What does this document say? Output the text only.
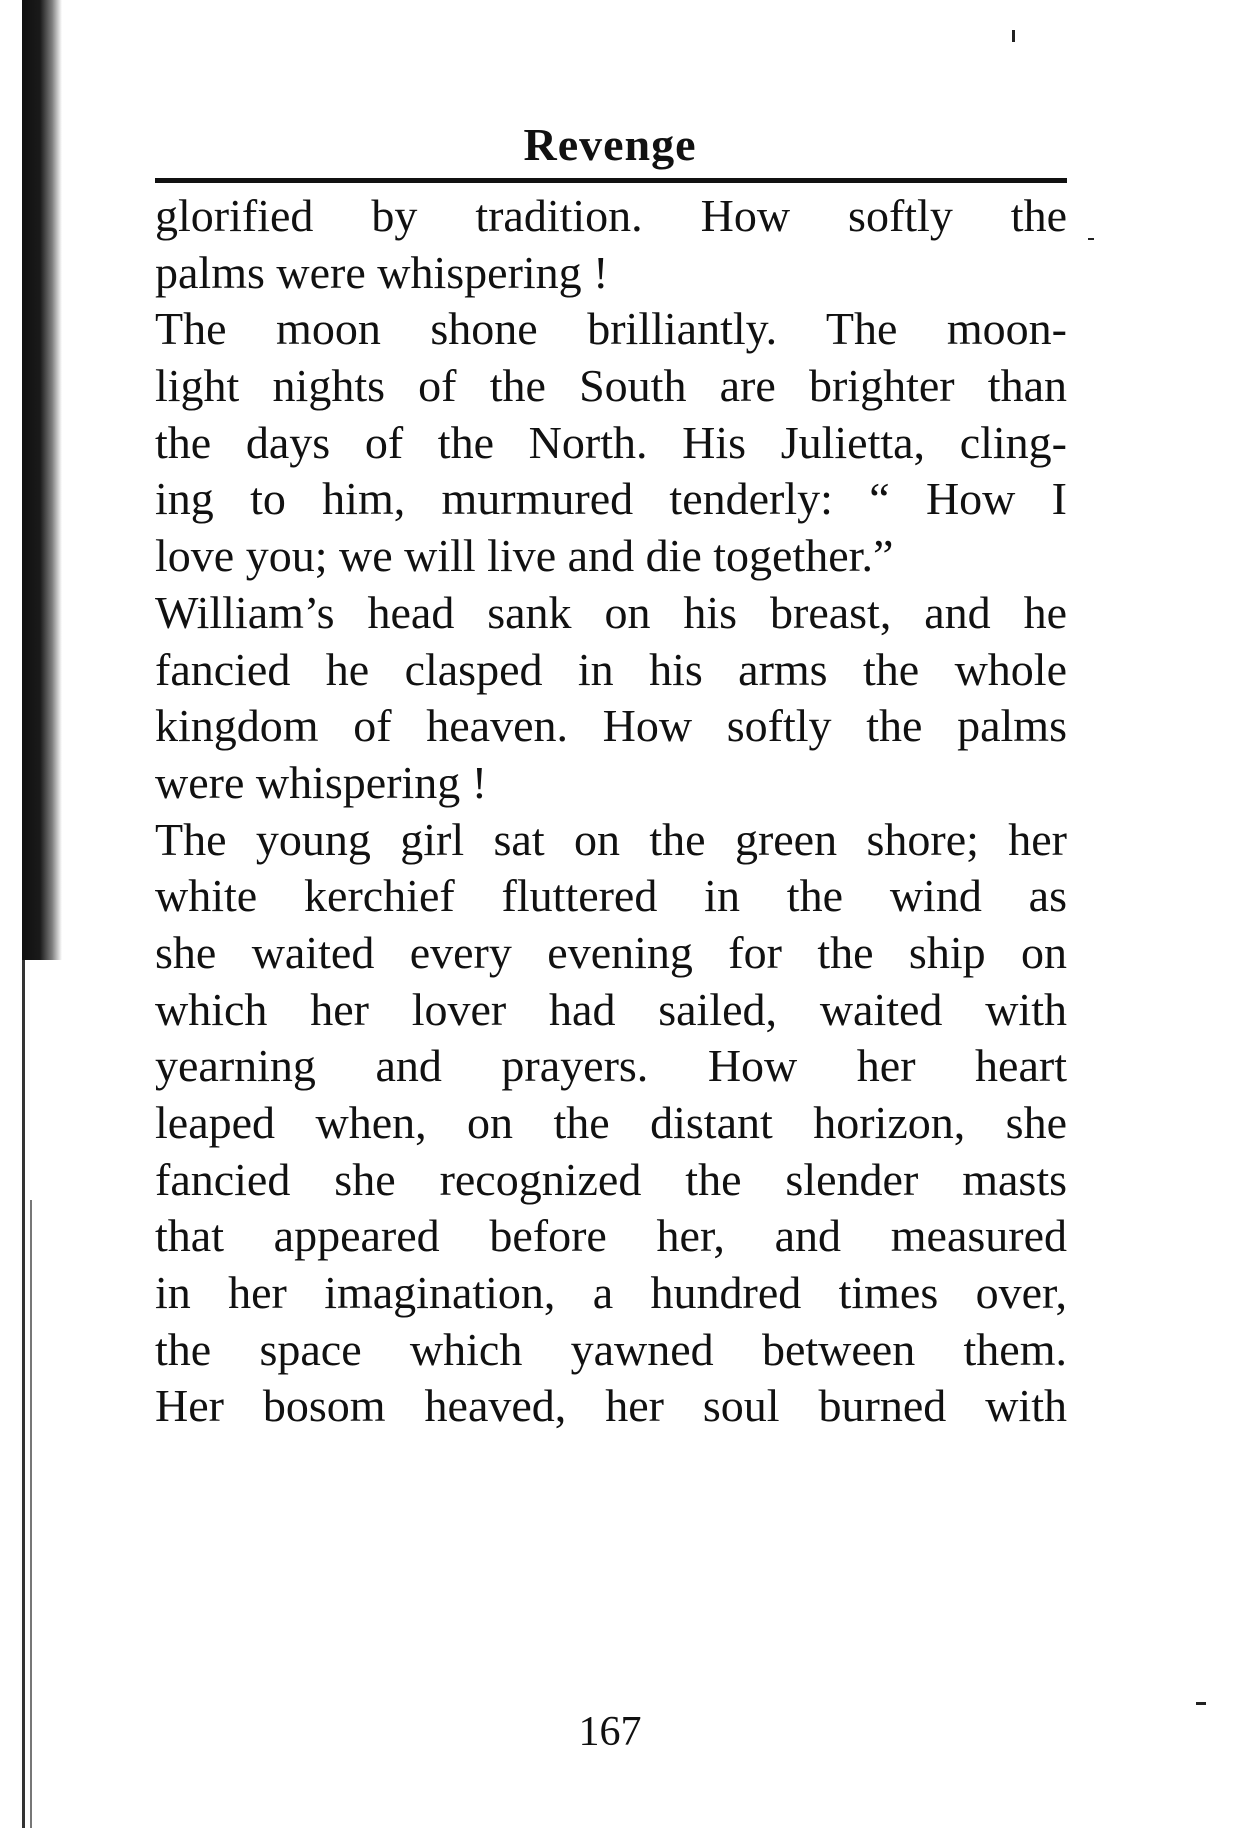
Revenge
glorified by tradition. How softly the
palms were whispering !
The moon shone brilliantly. The moon-
light nights of the South are brighter than
the days of the North. His Julietta, cling-
ing to him, murmured tenderly: “ How I
love you; we will live and die together.”
William’s head sank on his breast, and he
fancied he clasped in his arms the whole
kingdom of heaven. How softly the palms
were whispering !
The young girl sat on the green shore; her
white kerchief fluttered in the wind as
she waited every evening for the ship on
which her lover had sailed, waited with
yearning and prayers. How her heart
leaped when, on the distant horizon, she
fancied she recognized the slender masts
that appeared before her, and measured
in her imagination, a hundred times over,
the space which yawned between them.
Her bosom heaved, her soul burned with
167
